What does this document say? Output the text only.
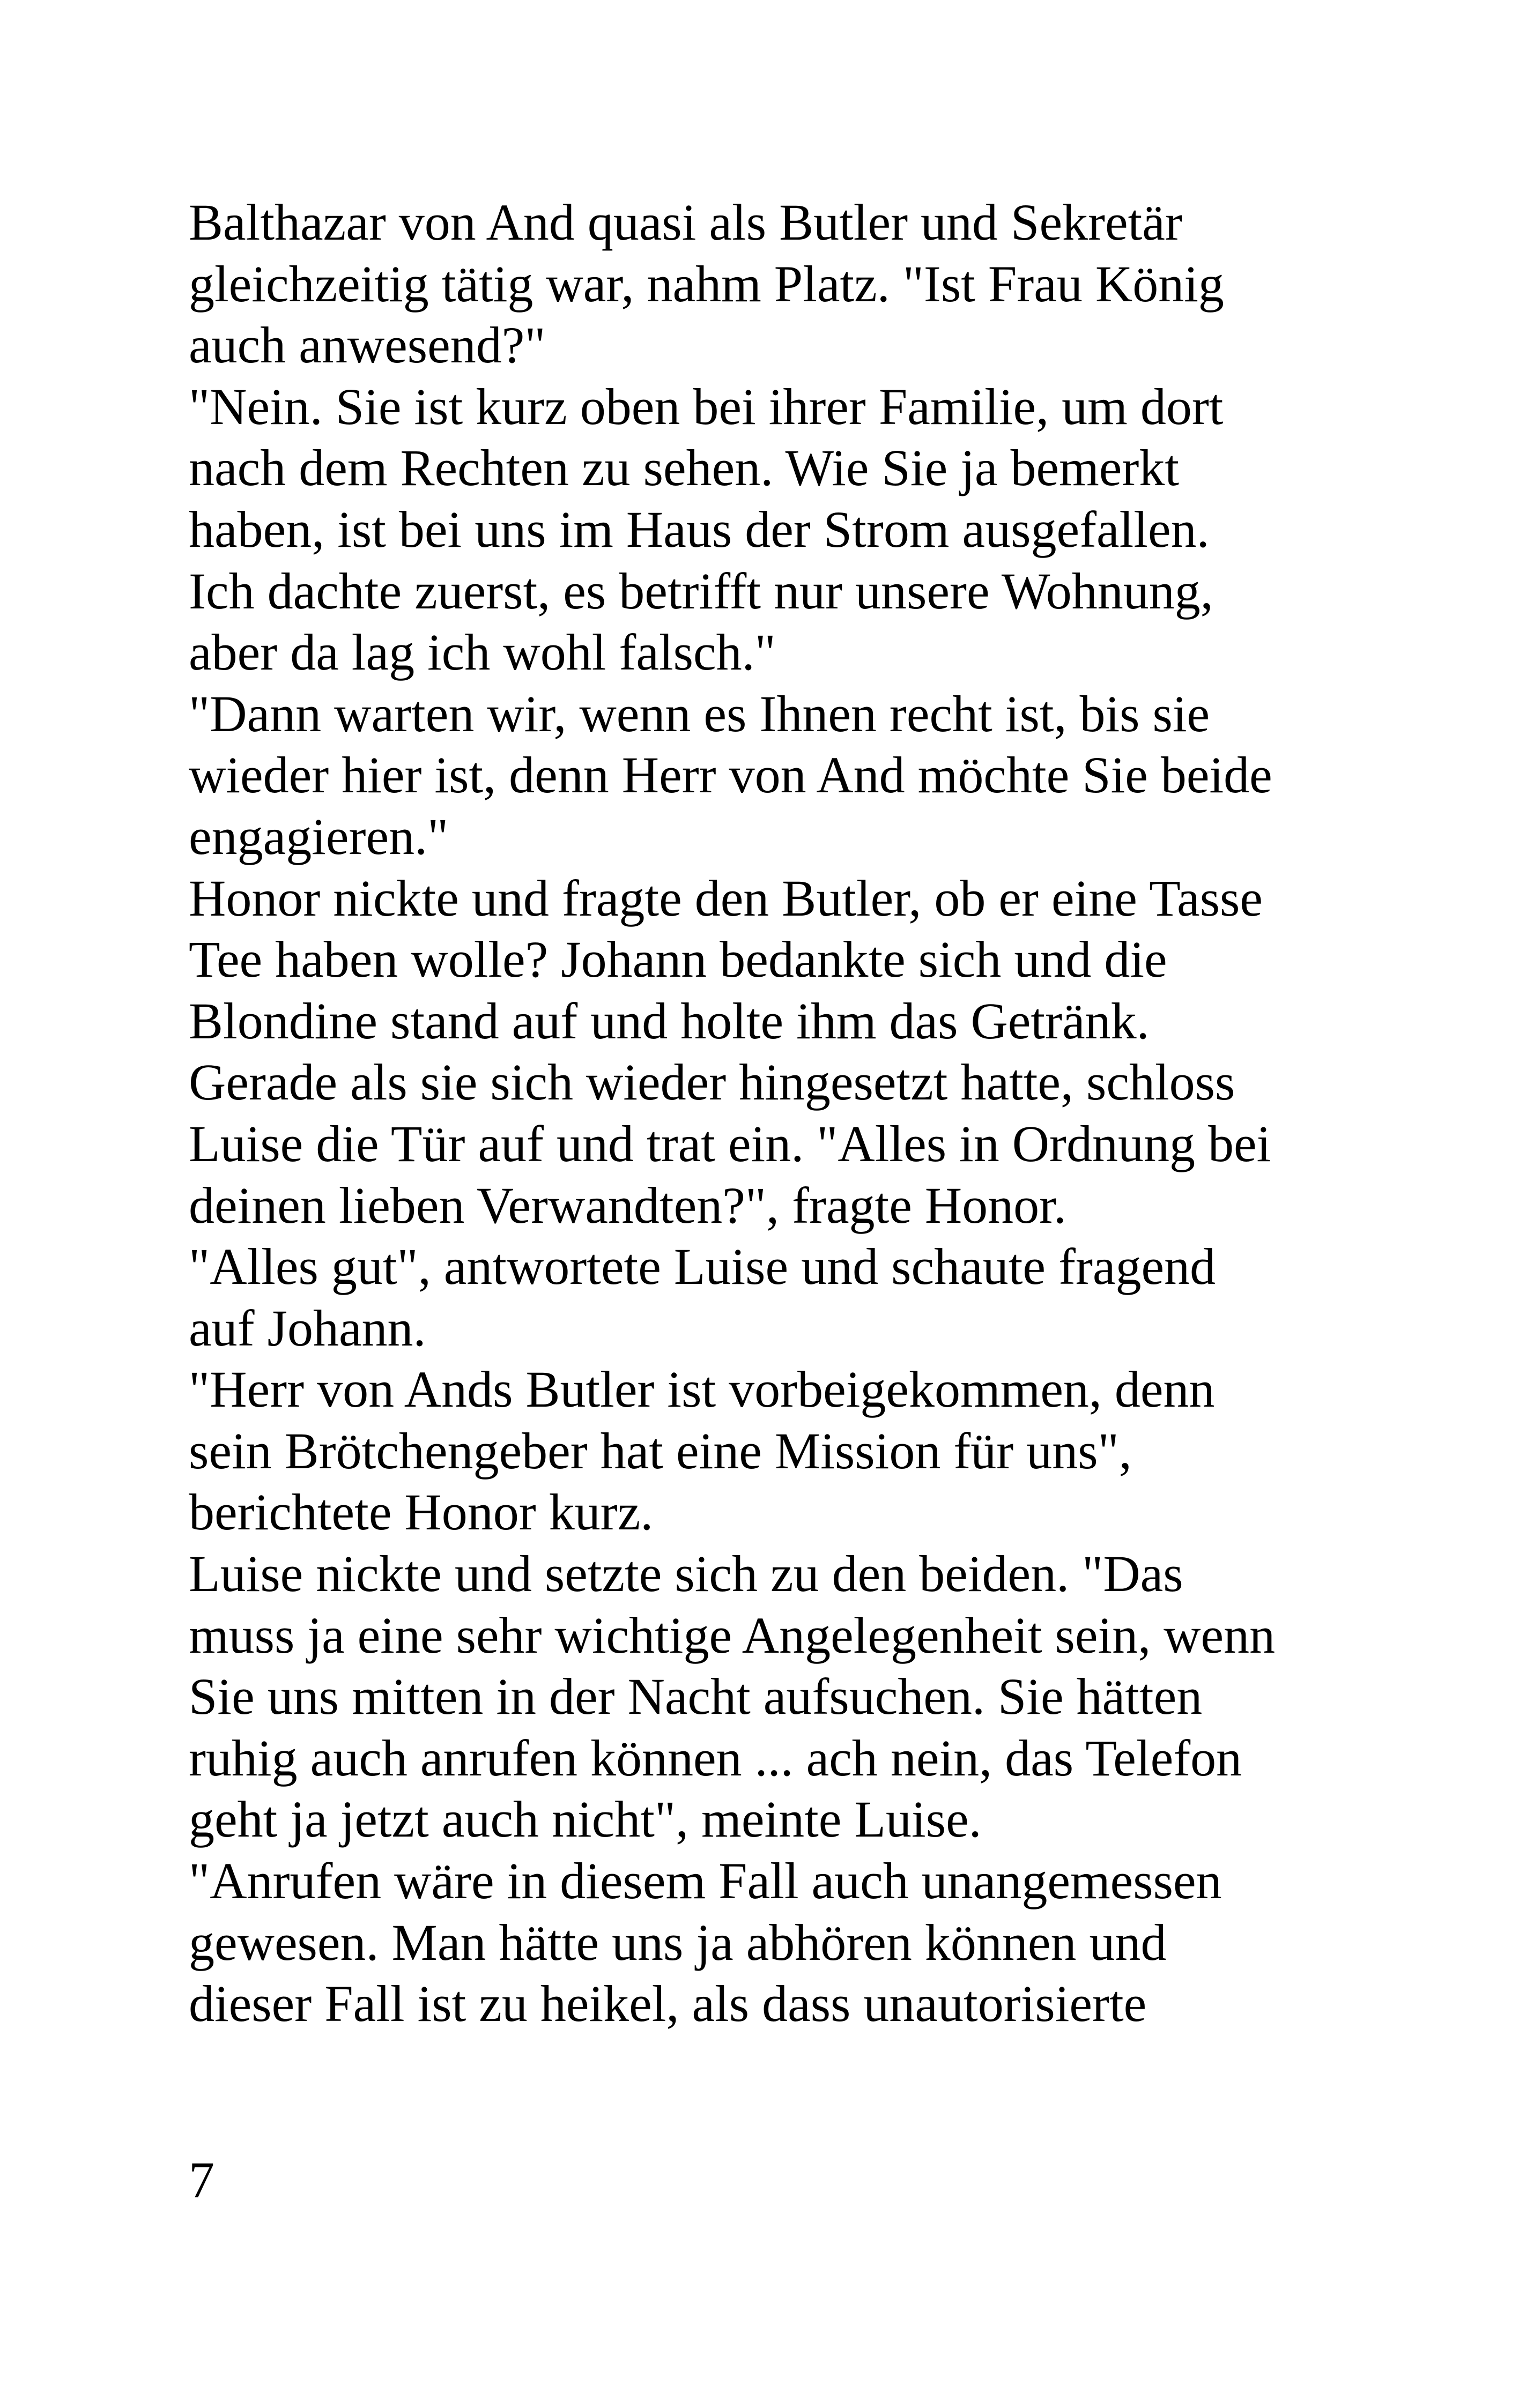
Balthazar von And quasi als Butler und Sekretär
gleichzeitig tätig war, nahm Platz. "Ist Frau König
auch anwesend?"
"Nein. Sie ist kurz oben bei ihrer Familie, um dort
nach dem Rechten zu sehen. Wie Sie ja bemerkt
haben, ist bei uns im Haus der Strom ausgefallen.
Ich dachte zuerst, es betrifft nur unsere Wohnung,
aber da lag ich wohl falsch."
"Dann warten wir, wenn es Ihnen recht ist, bis sie
wieder hier ist, denn Herr von And möchte Sie beide
engagieren."
Honor nickte und fragte den Butler, ob er eine Tasse
Tee haben wolle? Johann bedankte sich und die
Blondine stand auf und holte ihm das Getränk.
Gerade als sie sich wieder hingesetzt hatte, schloss
Luise die Tür auf und trat ein. "Alles in Ordnung bei
deinen lieben Verwandten?", fragte Honor.
"Alles gut", antwortete Luise und schaute fragend
auf Johann.
"Herr von Ands Butler ist vorbeigekommen, denn
sein Brötchengeber hat eine Mission für uns",
berichtete Honor kurz.
Luise nickte und setzte sich zu den beiden. "Das
muss ja eine sehr wichtige Angelegenheit sein, wenn
Sie uns mitten in der Nacht aufsuchen. Sie hätten
ruhig auch anrufen können ... ach nein, das Telefon
geht ja jetzt auch nicht", meinte Luise.
"Anrufen wäre in diesem Fall auch unangemessen
gewesen. Man hätte uns ja abhören können und
dieser Fall ist zu heikel, als dass unautorisierte
7
